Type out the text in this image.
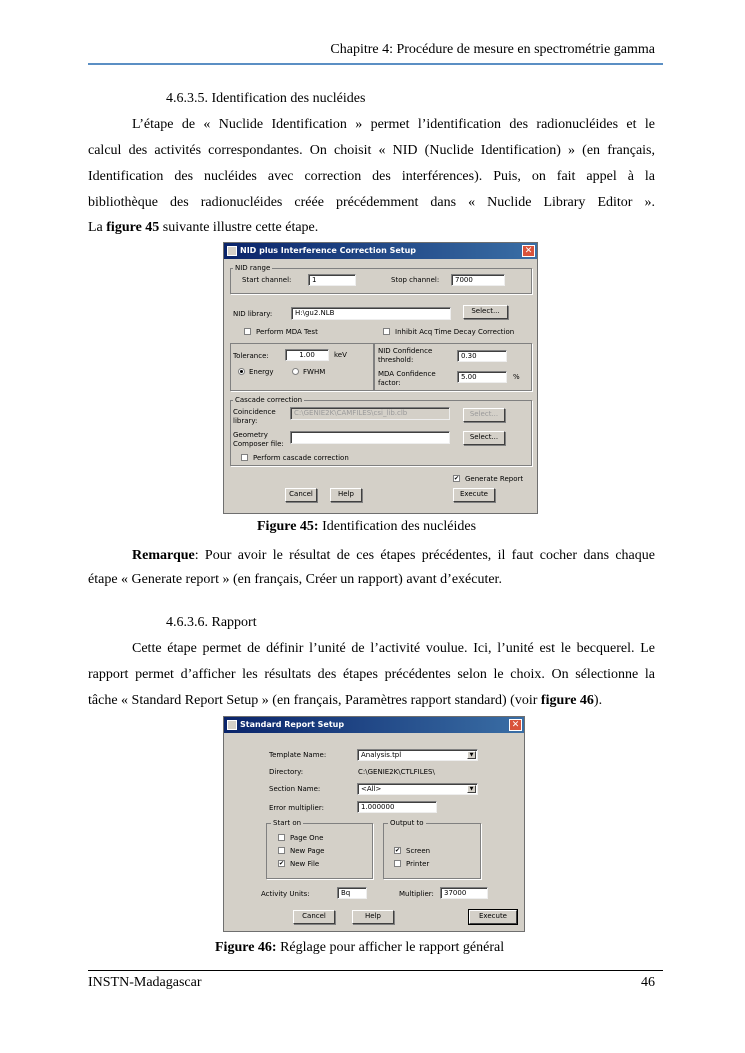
Chapitre 4: Procédure de mesure en spectrométrie gamma
4.6.3.5. Identification des nucléides
L’étape de « Nuclide Identification » permet l’identification des radionucléides et le
calcul des activités correspondantes. On choisit « NID (Nuclide Identification) » (en français,
Identification des nucléides avec correction des interférences). Puis, on fait appel à la
bibliothèque des radionucléides créée précédemment dans « Nuclide Library Editor ».
La figure 45 suivante illustre cette étape.
NID plus Interference Correction Setup	✕
NID range
Start channel:	1	Stop channel:	7000
NID library:	H:\gu2.NLB	Select...
Perform MDA Test	Inhibit Acq Time Decay Correction
Tolerance:	1.00	keV
Energy	FWHM
NID Confidence threshold:	0.30
MDA Confidence factor:
5.00	%
Cascade correction
Coincidence library:
C:\GENIE2K\CAMFILES\csi_lib.clb	Select...
Geometry Composer file:
Select...
Perform cascade correction
✔ Generate Report
Cancel	Help	Execute
Figure 45: Identification des nucléides
Remarque: Pour avoir le résultat de ces étapes précédentes, il faut cocher dans chaque
étape « Generate report » (en français, Créer un rapport) avant d’exécuter.
4.6.3.6. Rapport
Cette étape permet de définir l’unité de l’activité voulue. Ici, l’unité est le becquerel. Le
rapport permet d’afficher les résultats des étapes précédentes selon le choix. On sélectionne la
tâche « Standard Report Setup » (en français, Paramètres rapport standard) (voir figure 46).
Standard Report Setup	✕
Template Name:	Analysis.tpl	▼
Directory:	C:\GENIE2K\CTLFILES\
Section Name:	<All>	▼
Error multiplier:	1.000000
Start on
Page One
New Page
✔ New File
Output to
✔ Screen
Printer
Activity Units:	Bq	Multiplier:	37000
Cancel	Help	Execute
Figure 46: Réglage pour afficher le rapport général
INSTN-Madagascar	46
